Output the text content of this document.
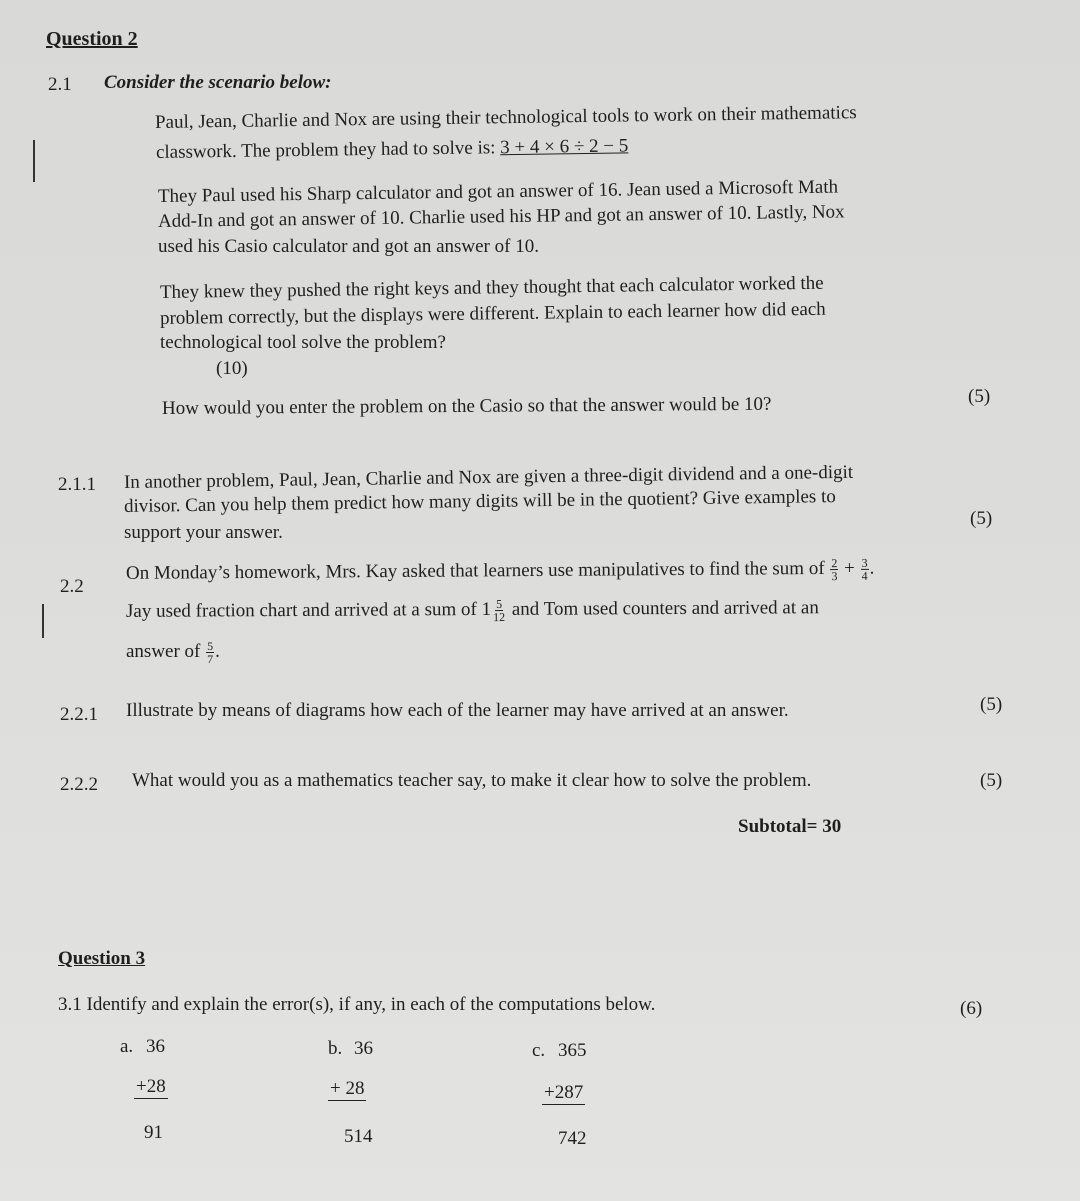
Question 2
2.1 Consider the scenario below:
Paul, Jean, Charlie and Nox are using their technological tools to work on their mathematics
classwork. The problem they had to solve is: 3 + 4 × 6 ÷ 2 − 5
They Paul used his Sharp calculator and got an answer of 16. Jean used a Microsoft Math
Add-In and got an answer of 10. Charlie used his HP and got an answer of 10. Lastly, Nox
used his Casio calculator and got an answer of 10.
They knew they pushed the right keys and they thought that each calculator worked the
problem correctly, but the displays were different. Explain to each learner how did each
technological tool solve the problem?
(10)
How would you enter the problem on the Casio so that the answer would be 10?	(5)
2.1.1 In another problem, Paul, Jean, Charlie and Nox are given a three-digit dividend and a one-digit
divisor. Can you help them predict how many digits will be in the quotient? Give examples to
support your answer.
(5)
2.2
On Monday’s homework, Mrs. Kay asked that learners use manipulatives to find the sum of $\frac{2}{3} + \frac{3}{4}$ .
Jay used fraction chart and arrived at a sum of $1 \frac{5}{12}$ and Tom used counters and arrived at an
answer of $\frac{5}{7}$ .
2.2.1 Illustrate by means of diagrams how each of the learner may have arrived at an answer.	(5)
2.2.2 What would you as a mathematics teacher say, to make it clear how to solve the problem.	(5)
Subtotal= 30
Question 3
3.1 Identify and explain the error(s), if any, in each of the computations below.	(6)
a. 36
+28
91
b. 36
+ 28
514
c. 365
+287
742
